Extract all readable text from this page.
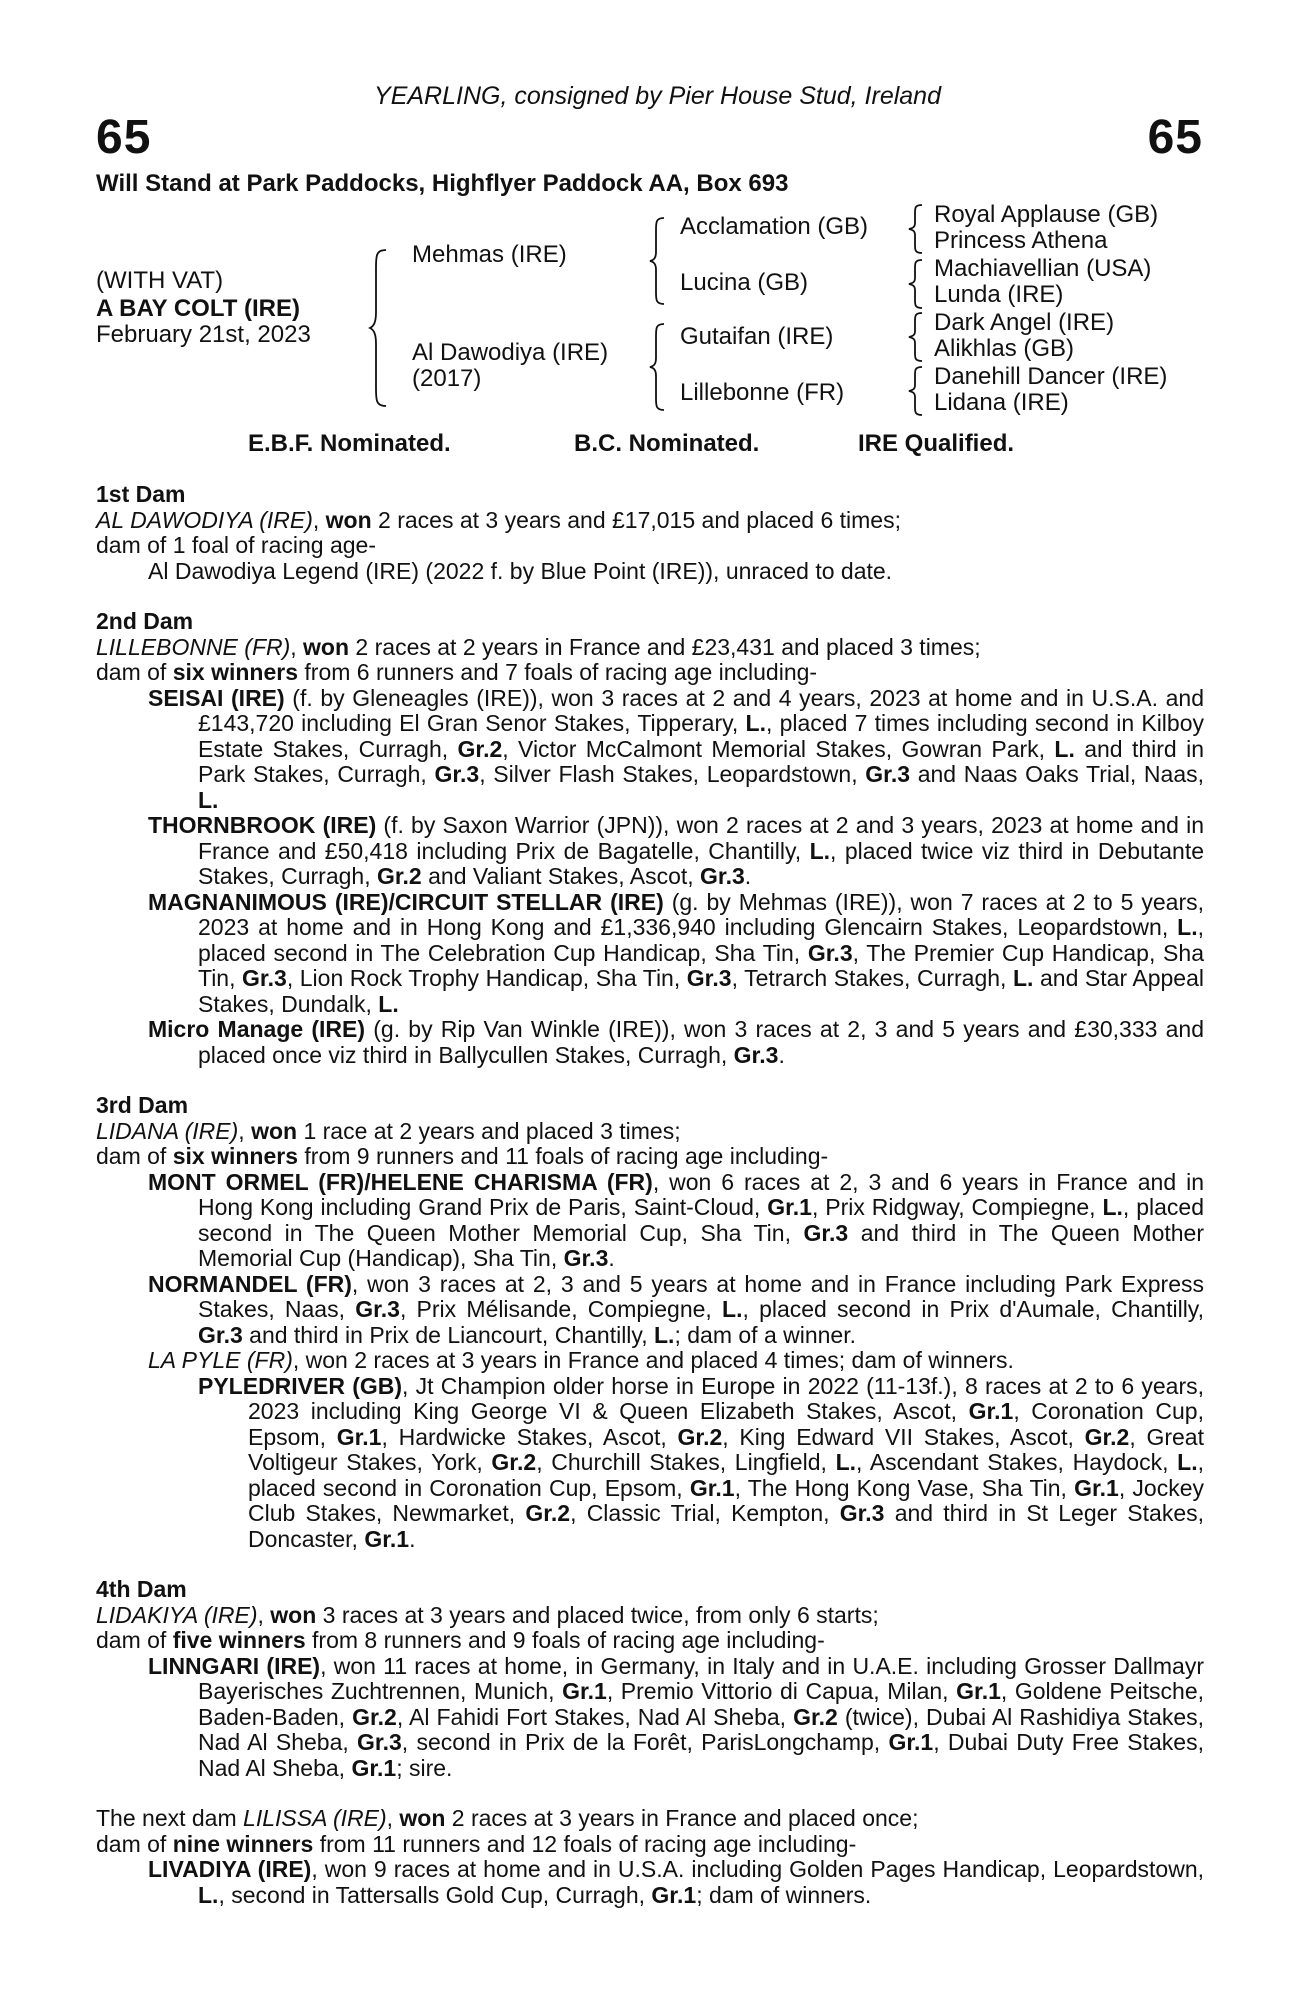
YEARLING, consigned by Pier House Stud, Ireland
65	65
Will Stand at Park Paddocks, Highflyer Paddock AA, Box 693
(WITH VAT)
A BAY COLT (IRE)
February 21st, 2023
Mehmas (IRE)
Al Dawodiya (IRE)
(2017)
Acclamation (GB)
Lucina (GB)
Gutaifan (IRE)
Lillebonne (FR)
Royal Applause (GB)
Princess Athena
Machiavellian (USA)
Lunda (IRE)
Dark Angel (IRE)
Alikhlas (GB)
Danehill Dancer (IRE)
Lidana (IRE)
E.B.F. Nominated.	B.C. Nominated.	IRE Qualified.
1st Dam
AL DAWODIYA (IRE), won 2 races at 3 years and £17,015 and placed 6 times;
dam of 1 foal of racing age-
Al Dawodiya Legend (IRE) (2022 f. by Blue Point (IRE)), unraced to date.
2nd Dam
LILLEBONNE (FR), won 2 races at 2 years in France and £23,431 and placed 3 times;
dam of six winners from 6 runners and 7 foals of racing age including-
SEISAI (IRE) (f. by Gleneagles (IRE)), won 3 races at 2 and 4 years, 2023 at home and in U.S.A. and £143,720 including El Gran Senor Stakes, Tipperary, L., placed 7 times including second in Kilboy Estate Stakes, Curragh, Gr.2, Victor McCalmont Memorial Stakes, Gowran Park, L. and third in Park Stakes, Curragh, Gr.3, Silver Flash Stakes, Leopardstown, Gr.3 and Naas Oaks Trial, Naas, L.
THORNBROOK (IRE) (f. by Saxon Warrior (JPN)), won 2 races at 2 and 3 years, 2023 at home and in France and £50,418 including Prix de Bagatelle, Chantilly, L., placed twice viz third in Debutante Stakes, Curragh, Gr.2 and Valiant Stakes, Ascot, Gr.3.
MAGNANIMOUS (IRE)/CIRCUIT STELLAR (IRE) (g. by Mehmas (IRE)), won 7 races at 2 to 5 years, 2023 at home and in Hong Kong and £1,336,940 including Glencairn Stakes, Leopardstown, L., placed second in The Celebration Cup Handicap, Sha Tin, Gr.3, The Premier Cup Handicap, Sha Tin, Gr.3, Lion Rock Trophy Handicap, Sha Tin, Gr.3, Tetrarch Stakes, Curragh, L. and Star Appeal Stakes, Dundalk, L.
Micro Manage (IRE) (g. by Rip Van Winkle (IRE)), won 3 races at 2, 3 and 5 years and £30,333 and placed once viz third in Ballycullen Stakes, Curragh, Gr.3.
3rd Dam
LIDANA (IRE), won 1 race at 2 years and placed 3 times;
dam of six winners from 9 runners and 11 foals of racing age including-
MONT ORMEL (FR)/HELENE CHARISMA (FR), won 6 races at 2, 3 and 6 years in France and in Hong Kong including Grand Prix de Paris, Saint-Cloud, Gr.1, Prix Ridgway, Compiegne, L., placed second in The Queen Mother Memorial Cup, Sha Tin, Gr.3 and third in The Queen Mother Memorial Cup (Handicap), Sha Tin, Gr.3.
NORMANDEL (FR), won 3 races at 2, 3 and 5 years at home and in France including Park Express Stakes, Naas, Gr.3, Prix Mélisande, Compiegne, L., placed second in Prix d'Aumale, Chantilly, Gr.3 and third in Prix de Liancourt, Chantilly, L.; dam of a winner.
LA PYLE (FR), won 2 races at 3 years in France and placed 4 times; dam of winners.
PYLEDRIVER (GB), Jt Champion older horse in Europe in 2022 (11-13f.), 8 races at 2 to 6 years, 2023 including King George VI & Queen Elizabeth Stakes, Ascot, Gr.1, Coronation Cup, Epsom, Gr.1, Hardwicke Stakes, Ascot, Gr.2, King Edward VII Stakes, Ascot, Gr.2, Great Voltigeur Stakes, York, Gr.2, Churchill Stakes, Lingfield, L., Ascendant Stakes, Haydock, L., placed second in Coronation Cup, Epsom, Gr.1, The Hong Kong Vase, Sha Tin, Gr.1, Jockey Club Stakes, Newmarket, Gr.2, Classic Trial, Kempton, Gr.3 and third in St Leger Stakes, Doncaster, Gr.1.
4th Dam
LIDAKIYA (IRE), won 3 races at 3 years and placed twice, from only 6 starts;
dam of five winners from 8 runners and 9 foals of racing age including-
LINNGARI (IRE), won 11 races at home, in Germany, in Italy and in U.A.E. including Grosser Dallmayr Bayerisches Zuchtrennen, Munich, Gr.1, Premio Vittorio di Capua, Milan, Gr.1, Goldene Peitsche, Baden-Baden, Gr.2, Al Fahidi Fort Stakes, Nad Al Sheba, Gr.2 (twice), Dubai Al Rashidiya Stakes, Nad Al Sheba, Gr.3, second in Prix de la Forêt, ParisLongchamp, Gr.1, Dubai Duty Free Stakes, Nad Al Sheba, Gr.1; sire.
The next dam LILISSA (IRE), won 2 races at 3 years in France and placed once;
dam of nine winners from 11 runners and 12 foals of racing age including-
LIVADIYA (IRE), won 9 races at home and in U.S.A. including Golden Pages Handicap, Leopardstown, L., second in Tattersalls Gold Cup, Curragh, Gr.1; dam of winners.
